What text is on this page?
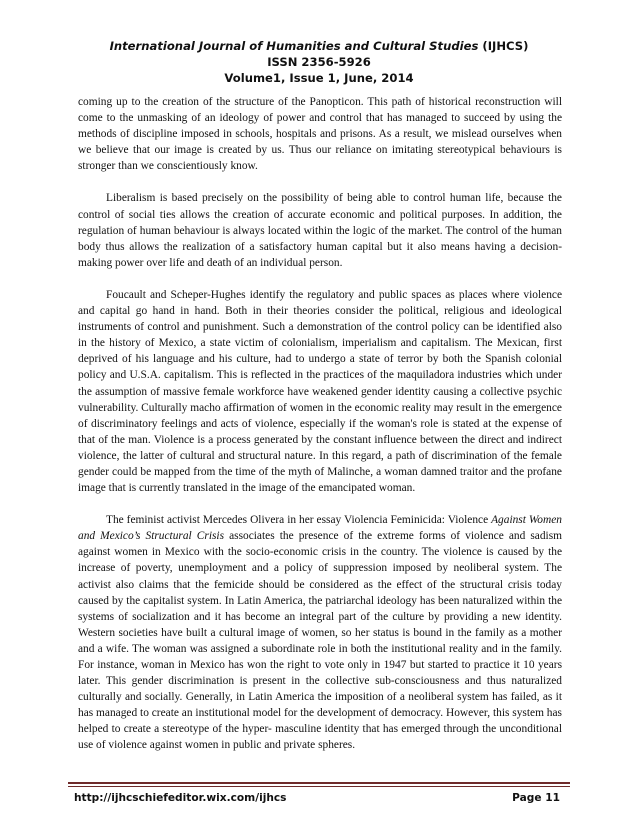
International Journal of Humanities and Cultural Studies (IJHCS)
ISSN 2356-5926
Volume1, Issue 1, June, 2014

coming up to the creation of the structure of the Panopticon. This path of historical reconstruction will come to the unmasking of an ideology of power and control that has managed to succeed by using the methods of discipline imposed in schools, hospitals and prisons. As a result, we mislead ourselves when we believe that our image is created by us. Thus our reliance on imitating stereotypical behaviours is stronger than we conscientiously know.

Liberalism is based precisely on the possibility of being able to control human life, because the control of social ties allows the creation of accurate economic and political purposes. In addition, the regulation of human behaviour is always located within the logic of the market. The control of the human body thus allows the realization of a satisfactory human capital but it also means having a decision-making power over life and death of an individual person.

Foucault and Scheper-Hughes identify the regulatory and public spaces as places where violence and capital go hand in hand. Both in their theories consider the political, religious and ideological instruments of control and punishment. Such a demonstration of the control policy can be identified also in the history of Mexico, a state victim of colonialism, imperialism and capitalism. The Mexican, first deprived of his language and his culture, had to undergo a state of terror by both the Spanish colonial policy and U.S.A. capitalism. This is reflected in the practices of the maquiladora industries which under the assumption of massive female workforce have weakened gender identity causing a collective psychic vulnerability. Culturally macho affirmation of women in the economic reality may result in the emergence of discriminatory feelings and acts of violence, especially if the woman's role is stated at the expense of that of the man. Violence is a process generated by the constant influence between the direct and indirect violence, the latter of cultural and structural nature. In this regard, a path of discrimination of the female gender could be mapped from the time of the myth of Malinche, a woman damned traitor and the profane image that is currently translated in the image of the emancipated woman.

The feminist activist Mercedes Olivera in her essay Violencia Feminicida: Violence Against Women and Mexico’s Structural Crisis associates the presence of the extreme forms of violence and sadism against women in Mexico with the socio-economic crisis in the country. The violence is caused by the increase of poverty, unemployment and a policy of suppression imposed by neoliberal system. The activist also claims that the femicide should be considered as the effect of the structural crisis today caused by the capitalist system. In Latin America, the patriarchal ideology has been naturalized within the systems of socialization and it has become an integral part of the culture by providing a new identity. Western societies have built a cultural image of women, so her status is bound in the family as a mother and a wife. The woman was assigned a subordinate role in both the institutional reality and in the family. For instance, woman in Mexico has won the right to vote only in 1947 but started to practice it 10 years later. This gender discrimination is present in the collective sub-consciousness and thus naturalized culturally and socially. Generally, in Latin America the imposition of a neoliberal system has failed, as it has managed to create an institutional model for the development of democracy. However, this system has helped to create a stereotype of the hyper- masculine identity that has emerged through the unconditional use of violence against women in public and private spheres.

http://ijhcschiefeditor.wix.com/ijhcs	Page 11
